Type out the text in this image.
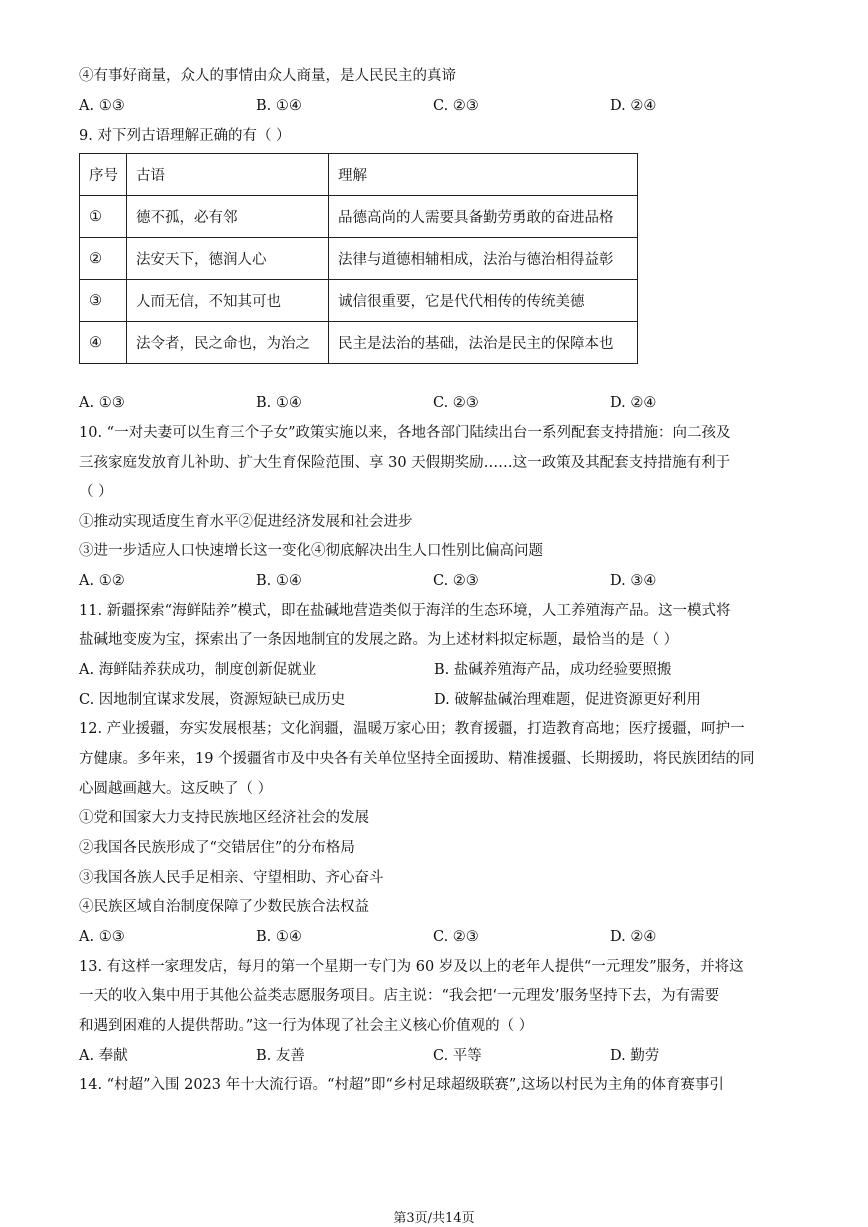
④有事好商量，众人的事情由众人商量，是人民民主的真谛
A. ①③	B. ①④	C. ②③	D. ②④
9. 对下列古语理解正确的有（ ）
序号	古语	理解
①	德不孤，必有邻	品德高尚的人需要具备勤劳勇敢的奋进品格
②	法安天下，德润人心	法律与道德相辅相成，法治与德治相得益彰
③	人而无信，不知其可也	诚信很重要，它是代代相传的传统美德
④	法令者，民之命也，为治之	民主是法治的基础，法治是民主的保障本也
A. ①③	B. ①④	C. ②③	D. ②④
10. “一对夫妻可以生育三个子女”政策实施以来，各地各部门陆续出台一系列配套支持措施：向二孩及
三孩家庭发放育儿补助、扩大生育保险范围、享 30 天假期奖励……这一政策及其配套支持措施有利于
（ ）
①推动实现适度生育水平②促进经济发展和社会进步
③进一步适应人口快速增长这一变化④彻底解决出生人口性别比偏高问题
A. ①②	B. ①④	C. ②③	D. ③④
11. 新疆探索“海鲜陆养”模式，即在盐碱地营造类似于海洋的生态环境，人工养殖海产品。这一模式将
盐碱地变废为宝，探索出了一条因地制宜的发展之路。为上述材料拟定标题，最恰当的是（ ）
A. 海鲜陆养获成功，制度创新促就业	B. 盐碱养殖海产品，成功经验要照搬
C. 因地制宜谋求发展，资源短缺已成历史	D. 破解盐碱治理难题，促进资源更好利用
12. 产业援疆，夯实发展根基；文化润疆，温暖万家心田；教育援疆，打造教育高地；医疗援疆，呵护一
方健康。多年来，19 个援疆省市及中央各有关单位坚持全面援助、精准援疆、长期援助，将民族团结的同
心圆越画越大。这反映了（ ）
①党和国家大力支持民族地区经济社会的发展
②我国各民族形成了“交错居住”的分布格局
③我国各族人民手足相亲、守望相助、齐心奋斗
④民族区域自治制度保障了少数民族合法权益
A. ①③	B. ①④	C. ②③	D. ②④
13. 有这样一家理发店，每月的第一个星期一专门为 60 岁及以上的老年人提供“一元理发”服务，并将这
一天的收入集中用于其他公益类志愿服务项目。店主说：“我会把‘一元理发’服务坚持下去，为有需要
和遇到困难的人提供帮助。”这一行为体现了社会主义核心价值观的（ ）
A. 奉献	B. 友善	C. 平等	D. 勤劳
14. “村超”入围 2023 年十大流行语。“村超”即“乡村足球超级联赛”,这场以村民为主角的体育赛事引
第3页/共14页
